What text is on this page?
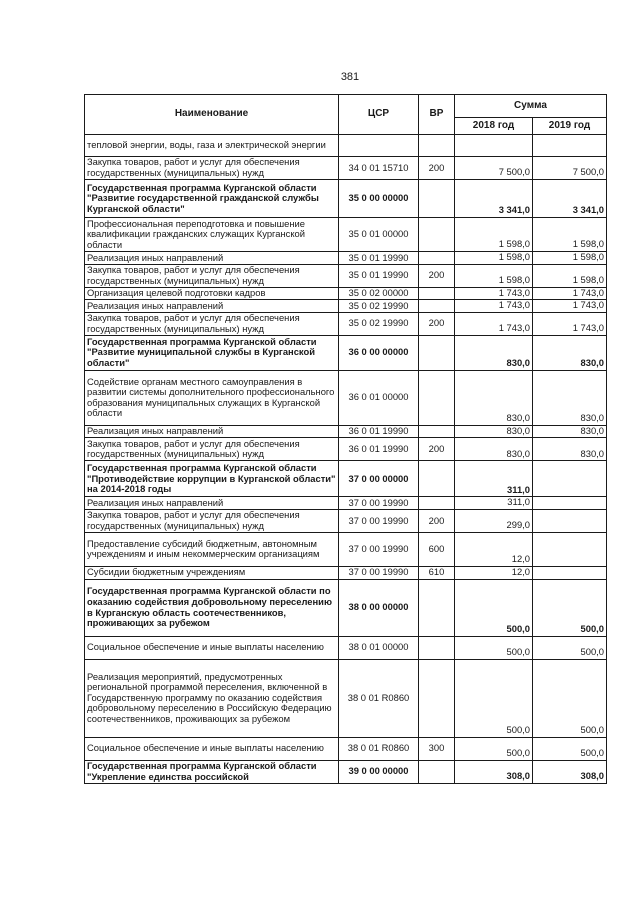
381
Наименование	ЦСР	ВР	Сумма	
			2018 год	2019 год
тепловой энергии, воды, газа и электрической энергии				
Закупка товаров, работ и услуг для обеспечения государственных (муниципальных) нужд	34 0 01 15710	200	7 500,0	7 500,0
Государственная программа Курганской области "Развитие государственной гражданской службы Курганской области"	35 0 00 00000		3 341,0	3 341,0
Профессиональная переподготовка и повышение квалификации гражданских служащих Курганской области	35 0 01 00000		1 598,0	1 598,0
Реализация иных направлений	35 0 01 19990		1 598,0	1 598,0
Закупка товаров, работ и услуг для обеспечения государственных (муниципальных) нужд	35 0 01 19990	200	1 598,0	1 598,0
Организация целевой подготовки кадров	35 0 02 00000		1 743,0	1 743,0
Реализация иных направлений	35 0 02 19990		1 743,0	1 743,0
Закупка товаров, работ и услуг для обеспечения государственных (муниципальных) нужд	35 0 02 19990	200	1 743,0	1 743,0
Государственная программа Курганской области "Развитие муниципальной службы в Курганской области"	36 0 00 00000		830,0	830,0
Содействие органам местного самоуправления в развитии системы дополнительного профессионального образования муниципальных служащих в Курганской области	36 0 01 00000		830,0	830,0
Реализация иных направлений	36 0 01 19990		830,0	830,0
Закупка товаров, работ и услуг для обеспечения государственных (муниципальных) нужд	36 0 01 19990	200	830,0	830,0
Государственная программа Курганской области "Противодействие коррупции в Курганской области" на 2014-2018 годы	37 0 00 00000		311,0	
Реализация иных направлений	37 0 00 19990		311,0	
Закупка товаров, работ и услуг для обеспечения государственных (муниципальных) нужд	37 0 00 19990	200	299,0	
Предоставление субсидий бюджетным, автономным учреждениям и иным некоммерческим организациям	37 0 00 19990	600	12,0	
Субсидии бюджетным учреждениям	37 0 00 19990	610	12,0	
Государственная программа Курганской области по оказанию содействия добровольному переселению в Курганскую область соотечественников, проживающих за рубежом	38 0 00 00000		500,0	500,0
Социальное обеспечение и иные выплаты населению	38 0 01 00000		500,0	500,0
Реализация мероприятий, предусмотренных региональной программой переселения, включенной в Государственную программу по оказанию содействия добровольному переселению в Российскую Федерацию соотечественников, проживающих за рубежом	38 0 01 R0860		500,0	500,0
Социальное обеспечение и иные выплаты населению	38 0 01 R0860	300	500,0	500,0
Государственная программа Курганской области "Укрепление единства российской	39 0 00 00000		308,0	308,0
